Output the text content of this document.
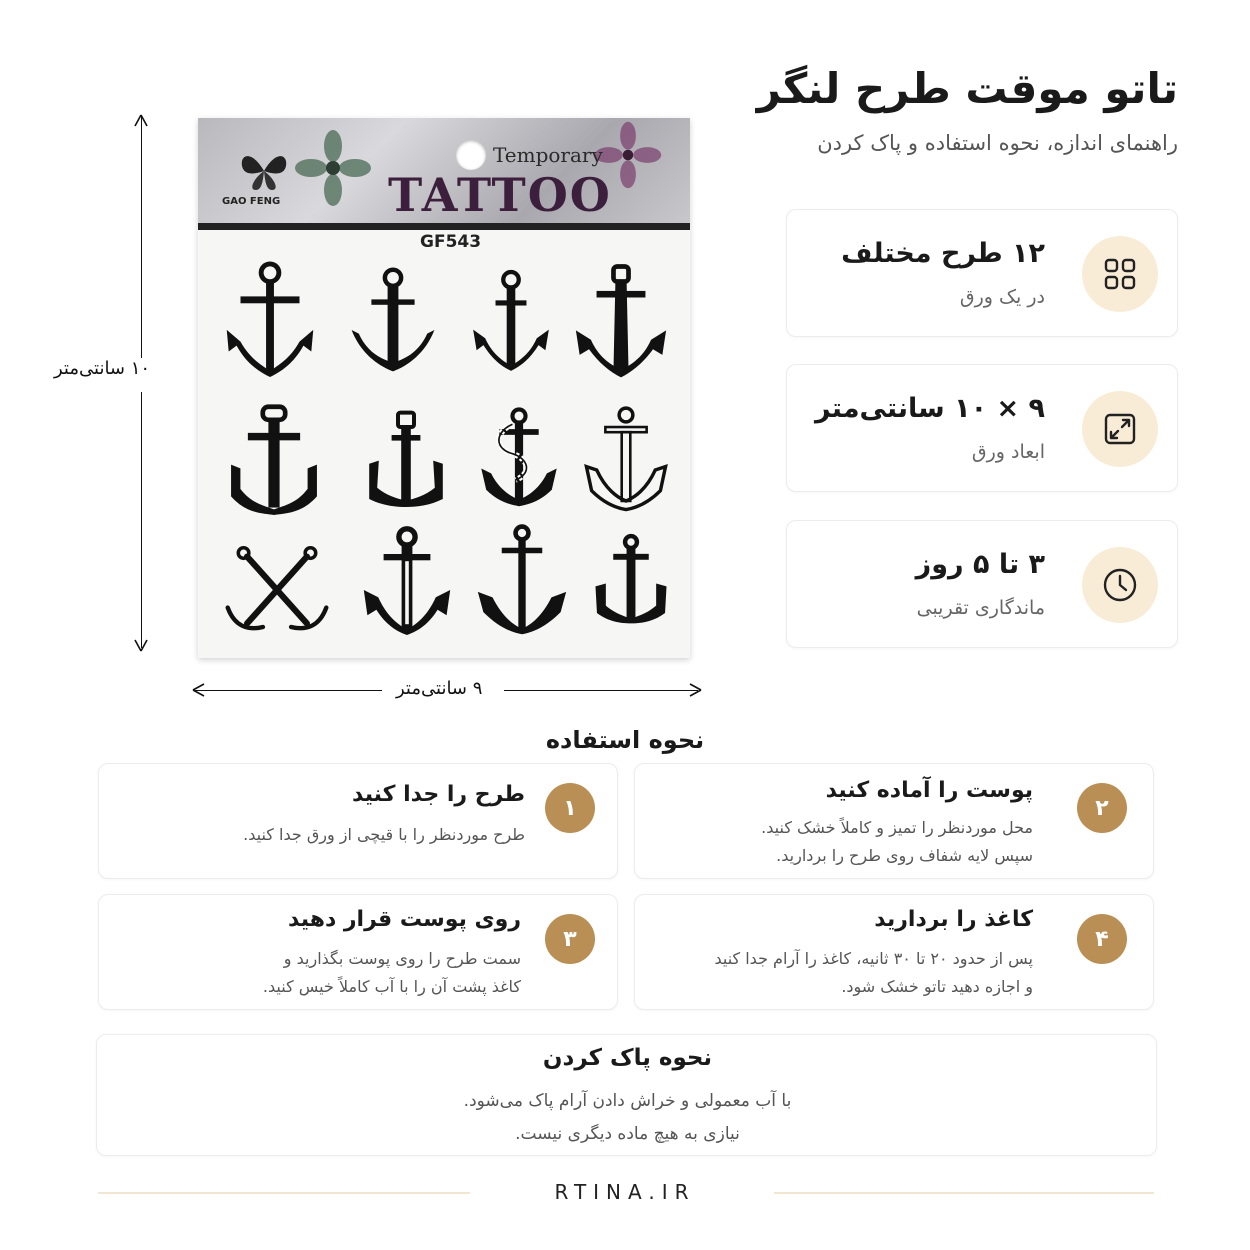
تاتو موقت طرح لنگر
راهنمای اندازه، نحوه استفاده و پاک کردن
۱۲ طرح مختلف
در یک ورق
۹ × ۱۰ سانتی‌متر
ابعاد ورق
۳ تا ۵ روز
ماندگاری تقریبی
GAO FENG
Temporary
TATTOO
GF543
۱۰ سانتی‌متر
۹ سانتی‌متر
نحوه استفاده
۱
طرح را جدا کنید
طرح موردنظر را با قیچی از ورق جدا کنید.
۲
پوست را آماده کنید
محل موردنظر را تمیز و کاملاً خشک کنید.
سپس لایه شفاف روی طرح را بردارید.
۳
روی پوست قرار دهید
سمت طرح را روی پوست بگذارید و
کاغذ پشت آن را با آب کاملاً خیس کنید.
۴
کاغذ را بردارید
پس از حدود ۲۰ تا ۳۰ ثانیه، کاغذ را آرام جدا کنید
و اجازه دهید تاتو خشک شود.
نحوه پاک کردن
با آب معمولی و خراش دادن آرام پاک می‌شود.
نیازی به هیچ ماده دیگری نیست.
RTINA.IR
